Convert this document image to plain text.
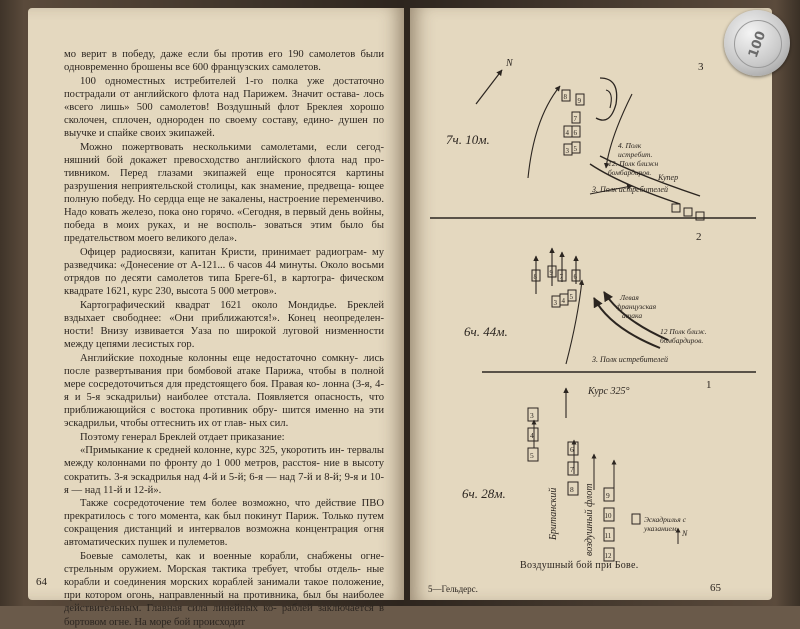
мо верит в победу, даже если бы против его 190 самолетов были одновременно брошены все 600 французских самолетов.

100 одноместных истребителей 1-го полка уже достаточно пострадали от английского флота над Парижем. Значит остава- лось «всего лишь» 500 самолетов! Воздушный флот Бреклея хорошо сколочен, сплочен, однороден по своему составу, едино- душен по выучке и спайке своих экипажей.

Можно пожертвовать несколькими самолетами, если сегод- няшний бой докажет превосходство английского флота над про- тивником. Перед глазами экипажей еще проносятся картины разрушения неприятельской столицы, как знамение, предвеща- ющее полную победу. Но сердца еще не закалены, настроение переменчиво. Надо ковать железо, пока оно горячо. «Сегодня, в первый день войны, победа в моих руках, и не восполь- зоваться этим было бы предательством моего великого дела».

Офицер радиосвязи, капитан Кристи, принимает радиограм- му разведчика: «Донесение от А-121... 6 часов 44 минуты. Около восьми отрядов по десяти самолетов типа Бреге-61, в картогра- фическом квадрате 1621, курс 230, высота 5 000 метров».

Картографический квадрат 1621 около Мондидье. Бреклей вздыхает свободнее: «Они приближаются!». Конец неопределен- ности! Внизу извивается Уаза по широкой луговой низменности между цепями лесистых гор.

Английские походные колонны еще недостаточно сомкну- лись после развертывания при бомбовой атаке Парижа, чтобы в полной мере сосредоточиться для предстоящего боя. Правая ко- лонна (3-я, 4-я и 5-я эскадрильи) наиболее отстала. Появляется опасность, что приближающийся с востока противник обру- шится именно на эти эскадрильи, чтобы оттеснить их от глав- ных сил.

Поэтому генерал Бреклей отдает приказание:

«Примыкание к средней колонне, курс 325, укоротить ин- тервалы между колоннами по фронту до 1 000 метров, расстоя- ние в высоту сократить. 3-я эскадрилья над 4-й и 5-й; 6-я — над 7-й и 8-й; 9-я и 10-я — над 11-й и 12-й».

Также сосредоточение тем более возможно, что действие ПВО прекратилось с того момента, как был покинут Париж. Только путем сокращения дистанций и интервалов возможна концентрация огня автоматических пушек и пулеметов.

Боевые самолеты, как и военные корабли, снабжены огне- стрельным оружием. Морская тактика требует, чтобы отдель- ные корабли и соединения морских кораблей занимали такое положение, при котором огонь, направленный на противника, был бы наиболее действительным. Главная сила линейных ко- раблей заключается в бортовом огне. На море бой происходит

64
3
N
7ч. 10м.
8 9
7
6
5
3
4
4. Полк
истребит.
12. Полк ближн
бомбардиров.
3. Полк истребителей
Купер
2
6ч. 44м.
8 9 7 6
5
4
3
Левая
французская
атака
12 Полк ближ.
бомбардиров.
3. Полк истребителей
1
Курс 325°
6ч. 28м.
3
4
5
6
7
8
9
10
11
12
Британский	воздушный флот	Эскадрилья с
указанием
N
Воздушный бой при Бове.
5—Гельдерс.	65
100
